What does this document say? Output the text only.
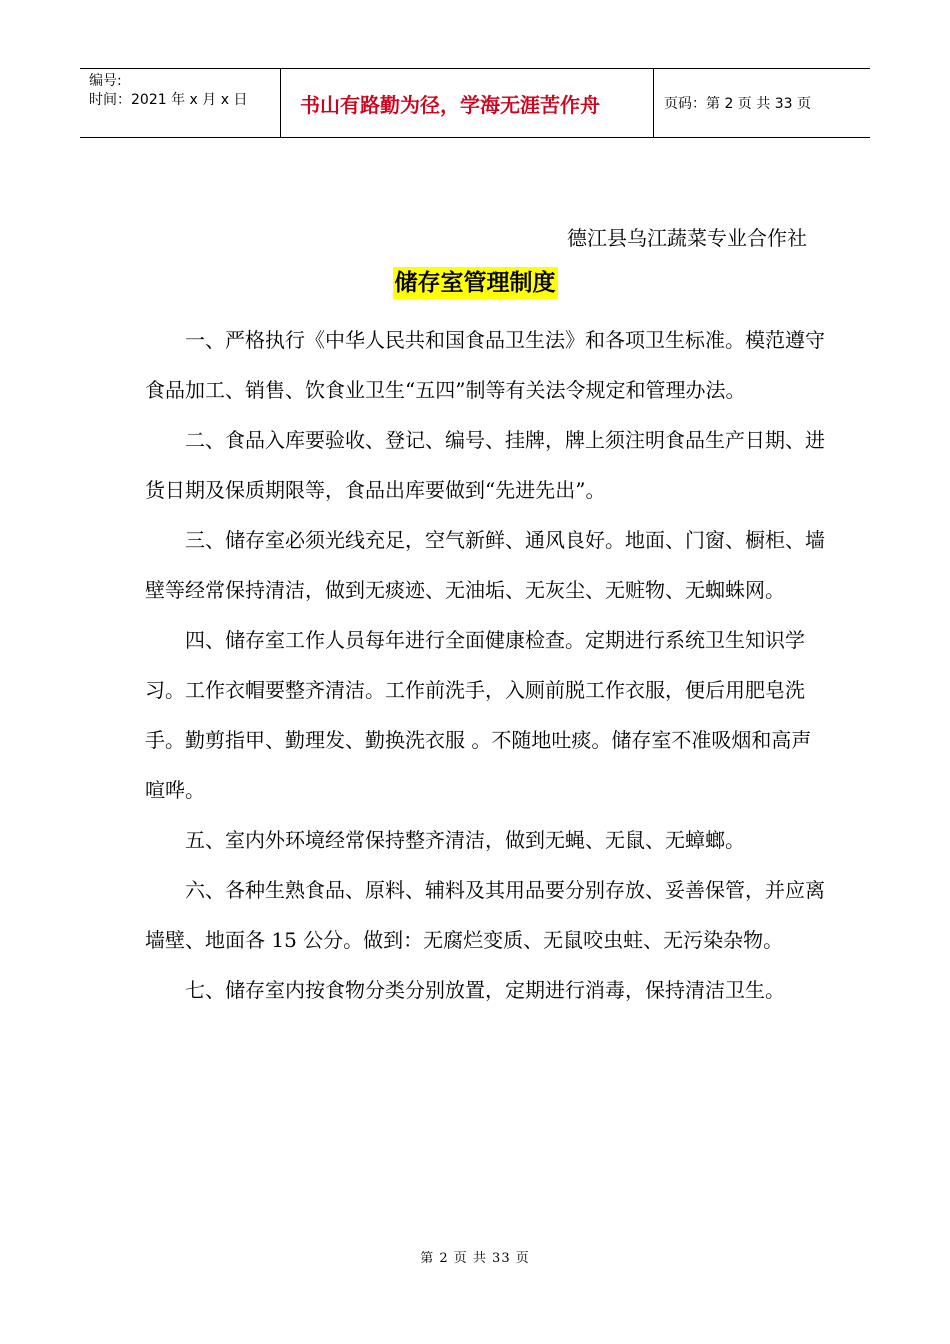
编号:
时间：2021 年 x 月 x 日	书山有路勤为径，学海无涯苦作舟	页码：第 2 页 共 33 页
德江县乌江蔬菜专业合作社
储存室管理制度

一、严格执行《中华人民共和国食品卫生法》和各项卫生标准。模范遵守食品加工、销售、饮食业卫生“五四”制等有关法令规定和管理办法。

二、食品入库要验收、登记、编号、挂牌，牌上须注明食品生产日期、进货日期及保质期限等，食品出库要做到“先进先出”。

三、储存室必须光线充足，空气新鲜、通风良好。地面、门窗、橱柜、墙壁等经常保持清洁，做到无痰迹、无油垢、无灰尘、无赃物、无蜘蛛网。

四、储存室工作人员每年进行全面健康检查。定期进行系统卫生知识学习。工作衣帽要整齐清洁。工作前洗手，入厕前脱工作衣服，便后用肥皂洗手。勤剪指甲、勤理发、勤换洗衣服 。不随地吐痰。储存室不准吸烟和高声喧哗。

五、室内外环境经常保持整齐清洁，做到无蝇、无鼠、无蟑螂。

六、各种生熟食品、原料、辅料及其用品要分别存放、妥善保管，并应离墙壁、地面各 15 公分。做到：无腐烂变质、无鼠咬虫蛀、无污染杂物。

七、储存室内按食物分类分别放置，定期进行消毒，保持清洁卫生。

第 2 页 共 33 页
